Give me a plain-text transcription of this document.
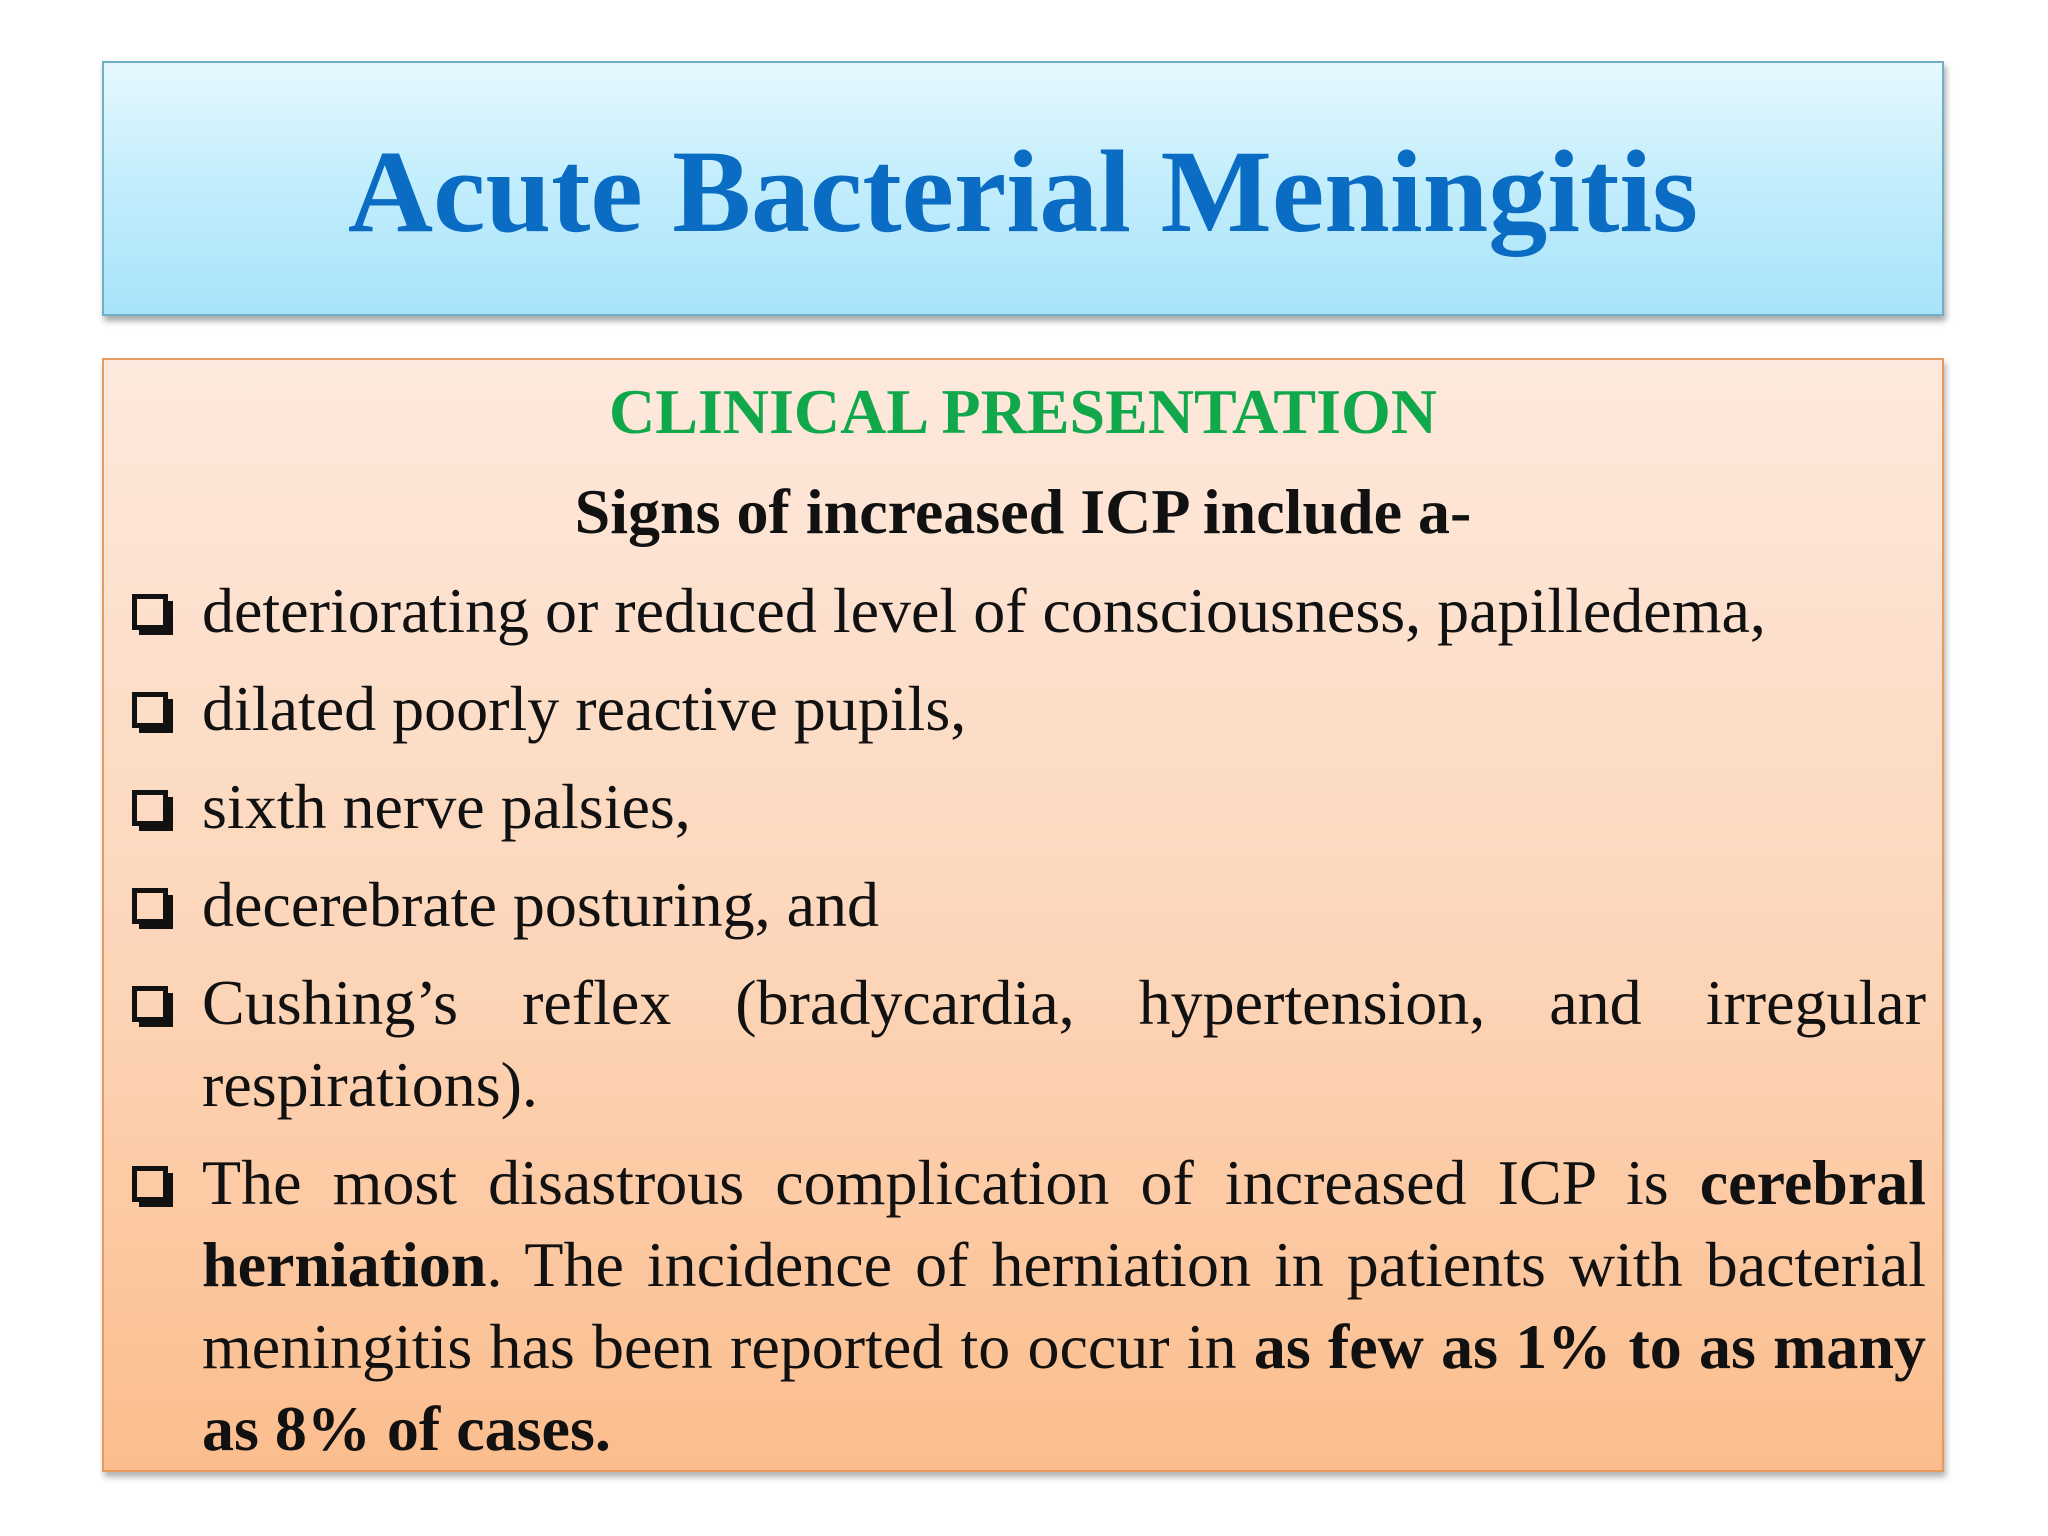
Acute Bacterial Meningitis
CLINICAL PRESENTATION
Signs of increased ICP include a-
deteriorating or reduced level of consciousness, papilledema,
dilated poorly reactive pupils,
sixth nerve palsies,
decerebrate posturing, and
Cushing’s reflex (bradycardia, hypertension, and irregular respirations).
The most disastrous complication of increased ICP is cerebral herniation. The incidence of herniation in patients with bacterial meningitis has been reported to occur in as few as 1% to as many as 8% of cases.
